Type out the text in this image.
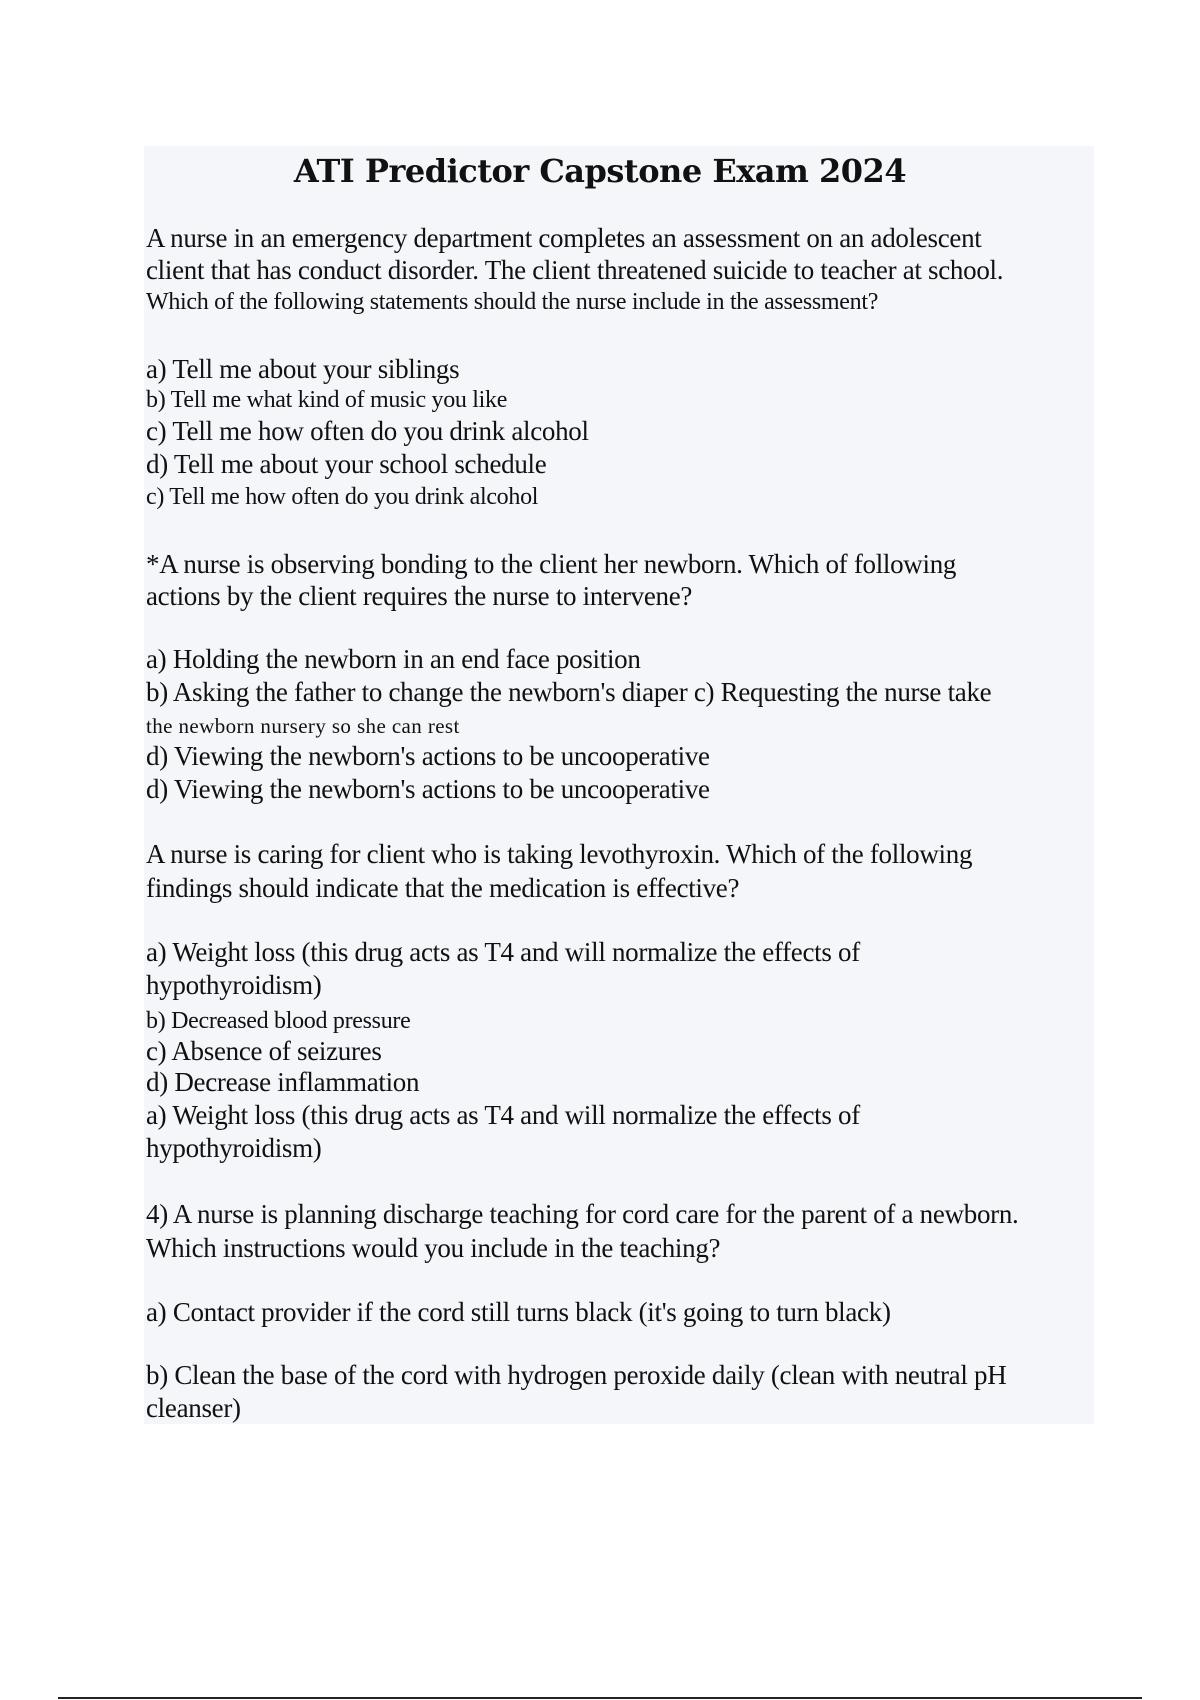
ATI Predictor Capstone Exam 2024
A nurse in an emergency department completes an assessment on an adolescent
client that has conduct disorder. The client threatened suicide to teacher at school.
Which of the following statements should the nurse include in the assessment?
a) Tell me about your siblings
b) Tell me what kind of music you like
c) Tell me how often do you drink alcohol
d) Tell me about your school schedule
c) Tell me how often do you drink alcohol
*A nurse is observing bonding to the client her newborn. Which of following
actions by the client requires the nurse to intervene?
a) Holding the newborn in an end face position
b) Asking the father to change the newborn's diaper c) Requesting the nurse take
the newborn nursery so she can rest
d) Viewing the newborn's actions to be uncooperative
d) Viewing the newborn's actions to be uncooperative
A nurse is caring for client who is taking levothyroxin. Which of the following
findings should indicate that the medication is effective?
a) Weight loss (this drug acts as T4 and will normalize the effects of
hypothyroidism)
b) Decreased blood pressure
c) Absence of seizures
d) Decrease inflammation
a) Weight loss (this drug acts as T4 and will normalize the effects of
hypothyroidism)
4) A nurse is planning discharge teaching for cord care for the parent of a newborn.
Which instructions would you include in the teaching?
a) Contact provider if the cord still turns black (it's going to turn black)
b) Clean the base of the cord with hydrogen peroxide daily (clean with neutral pH
cleanser)
